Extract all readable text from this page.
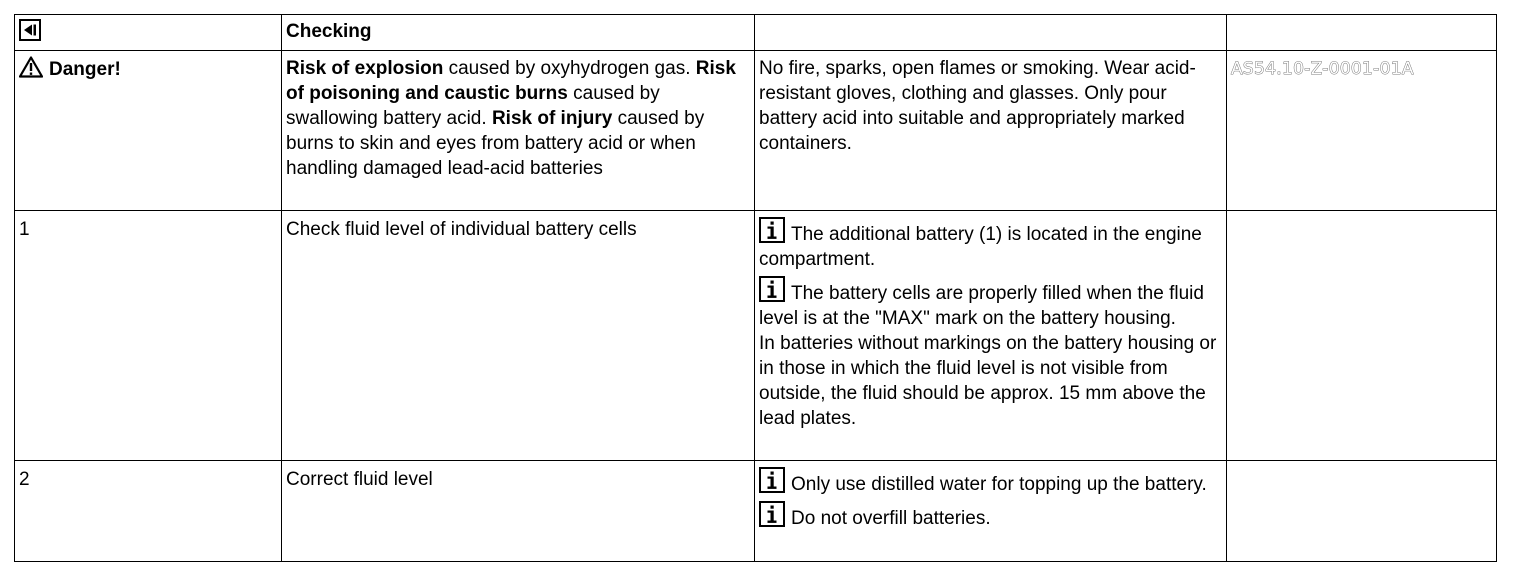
	Checking		
Danger!	Risk of explosion caused by oxyhydrogen gas. Risk of poisoning and caustic burns caused by swallowing battery acid. Risk of injury caused by burns to skin and eyes from battery acid or when handling damaged lead-acid batteries	No fire, sparks, open flames or smoking. Wear acid-resistant gloves, clothing and glasses. Only pour battery acid into suitable and appropriately marked containers.	AS54.10-Z-0001-01A
1	Check fluid level of individual battery cells	The additional battery (1) is located in the engine compartment.
The battery cells are properly filled when the fluid level is at the "MAX" mark on the battery housing.
In batteries without markings on the battery housing or in those in which the fluid level is not visible from outside, the fluid should be approx. 15 mm above the lead plates.	

2	Correct fluid level	Only use distilled water for topping up the battery.
Do not overfill batteries.	
